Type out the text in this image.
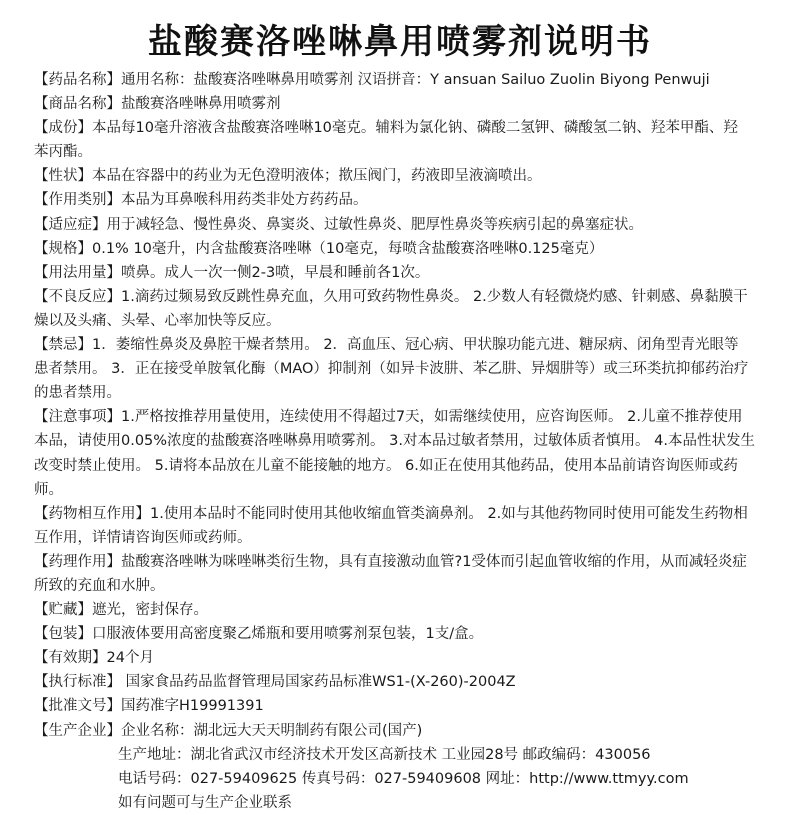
盐酸赛洛唑啉鼻用喷雾剂说明书

【药品名称】通用名称：盐酸赛洛唑啉鼻用喷雾剂 汉语拼音：Y ansuan Sailuo Zuolin Biyong Penwuji

【商品名称】盐酸赛洛唑啉鼻用喷雾剂

【成份】本品每10毫升溶液含盐酸赛洛唑啉10毫克。辅料为氯化钠、磷酸二氢钾、磷酸氢二钠、羟苯甲酯、羟

苯丙酯。

【性状】本品在容器中的药业为无色澄明液体；揿压阀门，药液即呈液滴喷出。

【作用类别】本品为耳鼻喉科用药类非处方药药品。

【适应症】用于减轻急、慢性鼻炎、鼻窦炎、过敏性鼻炎、肥厚性鼻炎等疾病引起的鼻塞症状。

【规格】0.1% 10毫升，内含盐酸赛洛唑啉（10毫克，每喷含盐酸赛洛唑啉0.125毫克）

【用法用量】喷鼻。成人一次一侧2-3喷，早晨和睡前各1次。

【不良反应】1.滴药过频易致反跳性鼻充血，久用可致药物性鼻炎。 2.少数人有轻微烧灼感、针刺感、鼻黏膜干

燥以及头痛、头晕、心率加快等反应。

【禁忌】1．萎缩性鼻炎及鼻腔干燥者禁用。 2．高血压、冠心病、甲状腺功能亢进、糖尿病、闭角型青光眼等

患者禁用。 3．正在接受单胺氧化酶（MAO）抑制剂（如异卡波肼、苯乙肼、异烟肼等）或三环类抗抑郁药治疗

的患者禁用。

【注意事项】1.严格按推荐用量使用，连续使用不得超过7天，如需继续使用，应咨询医师。 2.儿童不推荐使用

本品，请使用0.05%浓度的盐酸赛洛唑啉鼻用喷雾剂。 3.对本品过敏者禁用，过敏体质者慎用。 4.本品性状发生

改变时禁止使用。 5.请将本品放在儿童不能接触的地方。 6.如正在使用其他药品，使用本品前请咨询医师或药

师。

【药物相互作用】1.使用本品时不能同时使用其他收缩血管类滴鼻剂。 2.如与其他药物同时使用可能发生药物相

互作用，详情请咨询医师或药师。

【药理作用】盐酸赛洛唑啉为咪唑啉类衍生物，具有直接激动血管?1受体而引起血管收缩的作用，从而减轻炎症

所致的充血和水肿。

【贮藏】遮光，密封保存。

【包装】口服液体要用高密度聚乙烯瓶和要用喷雾剂泵包装，1支/盒。

【有效期】24个月

【执行标准】 国家食品药品监督管理局国家药品标准WS1-(X-260)-2004Z

【批准文号】国药准字H19991391

【生产企业】企业名称：湖北远大天天明制药有限公司(国产)

生产地址：湖北省武汉市经济技术开发区高新技术 工业园28号 邮政编码：430056

电话号码：027-59409625 传真号码：027-59409608 网址：http://www.ttmyy.com

如有问题可与生产企业联系
